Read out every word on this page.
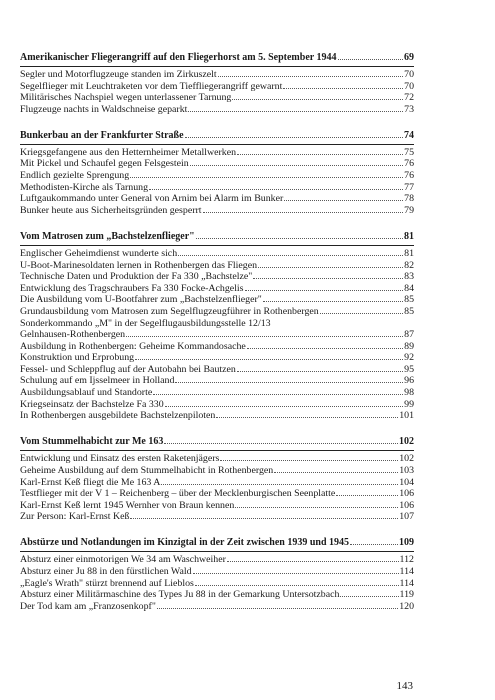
Amerikanischer Fliegerangriff auf den Fliegerhorst am 5. September 1944	69
Segler und Motorflugzeuge standen im Zirkuszelt	70
Segelflieger mit Leuchtraketen vor dem Tieffliegerangriff gewarnt	70
Militärisches Nachspiel wegen unterlassener Tarnung	72
Flugzeuge nachts in Waldschneise geparkt	73
Bunkerbau an der Frankfurter Straße	74
Kriegsgefangene aus den Hetternheimer Metallwerken	75
Mit Pickel und Schaufel gegen Felsgestein	76
Endlich gezielte Sprengung	76
Methodisten-Kirche als Tarnung	77
Luftgaukommando unter General von Arnim bei Alarm im Bunker	78
Bunker heute aus Sicherheitsgründen gesperrt	79
Vom Matrosen zum „Bachstelzenflieger"	81
Englischer Geheimdienst wunderte sich	81
U-Boot-Marinesoldaten lernen in Rothenbergen das Fliegen	82
Technische Daten und Produktion der Fa 330 „Bachstelze"	83
Entwicklung des Tragschraubers Fa 330 Focke-Achgelis	84
Die Ausbildung vom U-Bootfahrer zum „Bachstelzenflieger"	85
Grundausbildung vom Matrosen zum Segelflugzeugführer in Rothenbergen	85
Sonderkommando „M" in der Segelflugausbildungsstelle 12/13
Gelnhausen-Rothenbergen	87
Ausbildung in Rothenbergen: Geheime Kommandosache	89
Konstruktion und Erprobung	92
Fessel- und Schleppflug auf der Autobahn bei Bautzen	95
Schulung auf em Ijsselmeer in Holland	96
Ausbildungsablauf und Standorte	98
Kriegseinsatz der Bachstelze Fa 330	99
In Rothenbergen ausgebildete Bachstelzenpiloten	101
Vom Stummelhabicht zur Me 163	102
Entwicklung und Einsatz des ersten Raketenjägers	102
Geheime Ausbildung auf dem Stummelhabicht in Rothenbergen	103
Karl-Ernst Keß fliegt die Me 163 A	104
Testflieger mit der V 1 – Reichenberg – über der Mecklenburgischen Seenplatte	106
Karl-Ernst Keß lernt 1945 Wernher von Braun kennen	106
Zur Person: Karl-Ernst Keß	107
Abstürze und Notlandungen im Kinzigtal in der Zeit zwischen 1939 und 1945	109
Absturz einer einmotorigen We 34 am Waschweiher	112
Absturz einer Ju 88 in den fürstlichen Wald	114
„Eagle's Wrath" stürzt brennend auf Lieblos	114
Absturz einer Militärmaschine des Types Ju 88 in der Gemarkung Untersotzbach	119
Der Tod kam am „Franzosenkopf"	120
143
